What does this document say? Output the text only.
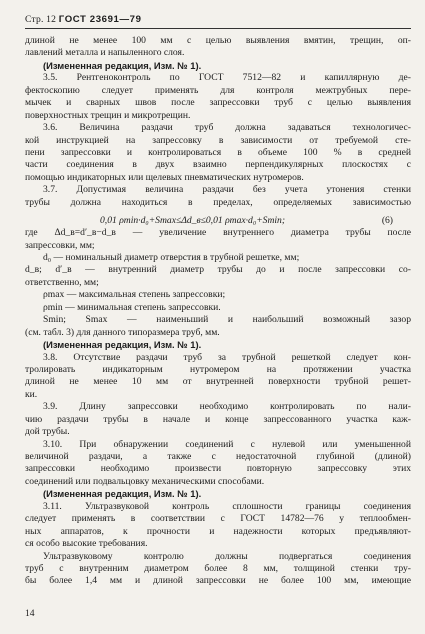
Стр. 12 ГОСТ 23691—79
длиной не менее 100 мм с целью выявления вмятин, трещин, оп-
лавлений металла и напыленного слоя.
(Измененная редакция, Изм. № 1).
3.5. Рентгеноконтроль по ГОСТ 7512—82 и капиллярную де-
фектоскопию следует применять для контроля межтрубных пере-
мычек и сварных швов после запрессовки труб с целью выявления
поверхностных трещин и микротрещин.
3.6. Величина раздачи труб должна задаваться технологичес-
кой инструкцией на запрессовку в зависимости от требуемой сте-
пени запрессовки и контролироваться в объеме 100 % в средней
части соединения в двух взаимно перпендикулярных плоскостях с
помощью индикаторных или щелевых пневматических нутромеров.
3.7. Допустимая величина раздачи без учета утонения стенки
трубы должна находиться в пределах, определяемых зависимостью
0,01 ρmin·d₀+Smax≤Δd_в≤0,01 ρmax·d₀+Smin;	(6)
где Δd_в=d′_в−d_в — увеличение внутреннего диаметра трубы после
запрессовки, мм;
d₀ — номинальный диаметр отверстия в трубной решетке, мм;
d_в; d′_в — внутренний диаметр трубы до и после запрессовки со-
ответственно, мм;
ρmax — максимальная степень запрессовки;
ρmin — минимальная степень запрессовки.
Smin; Smax — наименьший и наибольший возможный зазор
(см. табл. 3) для данного типоразмера труб, мм.
(Измененная редакция, Изм. № 1).
3.8. Отсутствие раздачи труб за трубной решеткой следует кон-
тролировать индикаторным нутромером на протяжении участка
длиной не менее 10 мм от внутренней поверхности трубной решет-
ки.
3.9. Длину запрессовки необходимо контролировать по нали-
чию раздачи трубы в начале и конце запрессованного участка каж-
дой трубы.
3.10. При обнаружении соединений с нулевой или уменьшенной
величиной раздачи, а также с недостаточной глубиной (длиной)
запрессовки необходимо произвести повторную запрессовку этих
соединений или подвальцовку механическими способами.
(Измененная редакция, Изм. № 1).
3.11. Ультразвуковой контроль сплошности границы соединения
следует применять в соответствии с ГОСТ 14782—76 у теплообмен-
ных аппаратов, к прочности и надежности которых предъявляют-
ся особо высокие требования.
Ультразвуковому контролю должны подвергаться соединения
труб с внутренним диаметром более 8 мм, толщиной стенки тру-
бы более 1,4 мм и длиной запрессовки не более 100 мм, имеющие
14
